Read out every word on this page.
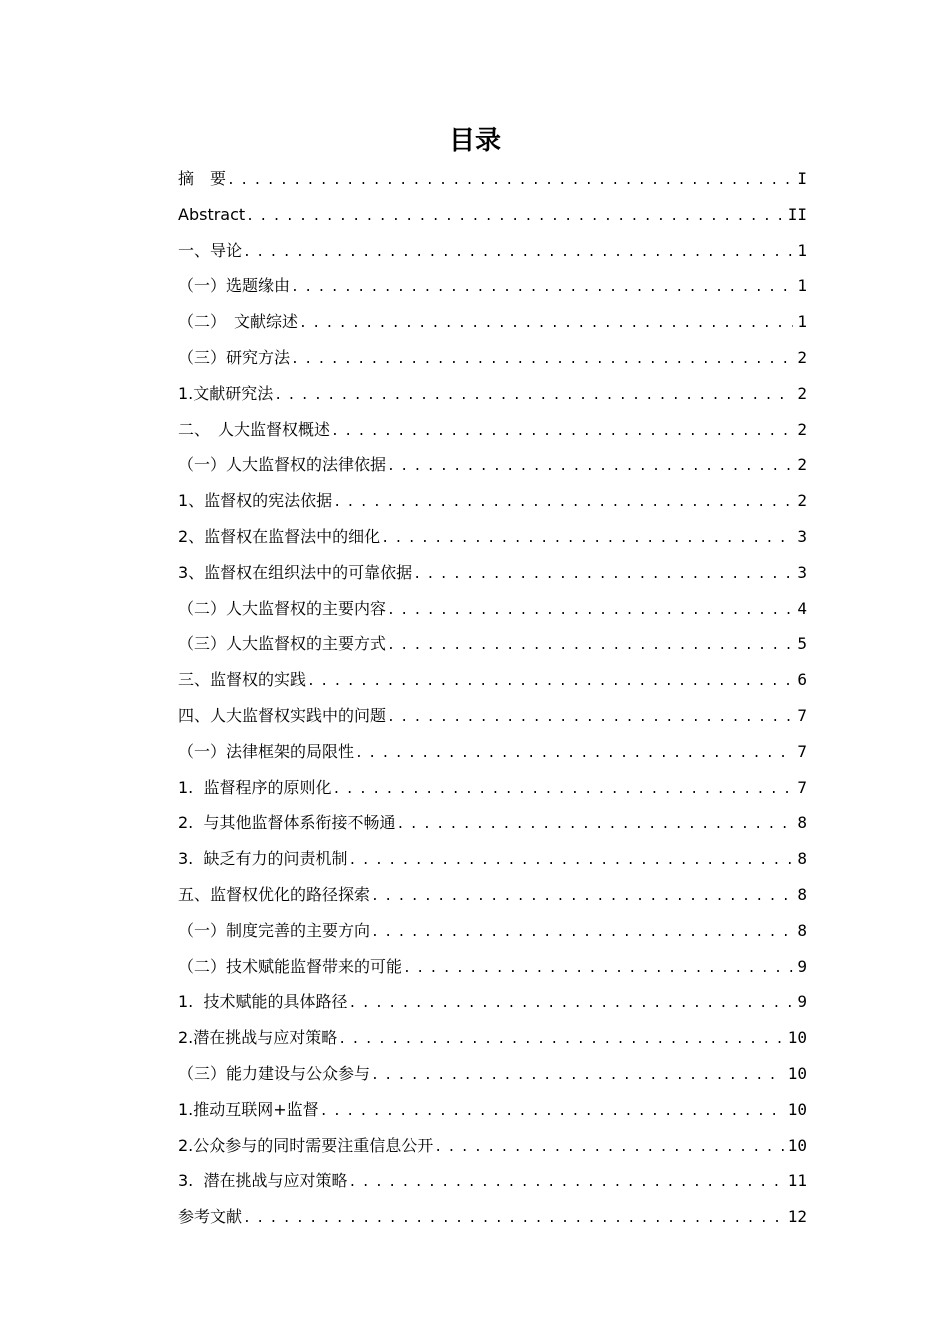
目录
摘　要 . . .	I
Abstract . . .	II
一、导论 . . .	1
（一）选题缘由 . . .	1
（二）　文献综述 . . .	1
（三）研究方法 . . .	2
1.文献研究法 . . .	2
二、　人大监督权概述 . . .	2
（一）人大监督权的法律依据 . . .	2
1、监督权的宪法依据 . . .	2
2、监督权在监督法中的细化 . . .	3
3、监督权在组织法中的可靠依据 . . .	3
（二）人大监督权的主要内容 . . .	4
（三）人大监督权的主要方式 . . .	5
三、监督权的实践 . . .	6
四、人大监督权实践中的问题 . . .	7
（一）法律框架的局限性 . . .	7
1.  监督程序的原则化 . . .	7
2.  与其他监督体系衔接不畅通 . . .	8
3.  缺乏有力的问责机制 . . .	8
五、监督权优化的路径探索 . . .	8
（一）制度完善的主要方向 . . .	8
（二）技术赋能监督带来的可能 . . .	9
1.  技术赋能的具体路径 . . .	9
2.潜在挑战与应对策略 . . .	10
（三）能力建设与公众参与 . . .	10
1.推动互联网+监督 . . .	10
2.公众参与的同时需要注重信息公开 . . .	10
3.  潜在挑战与应对策略 . . .	11
参考文献 . . .	12
